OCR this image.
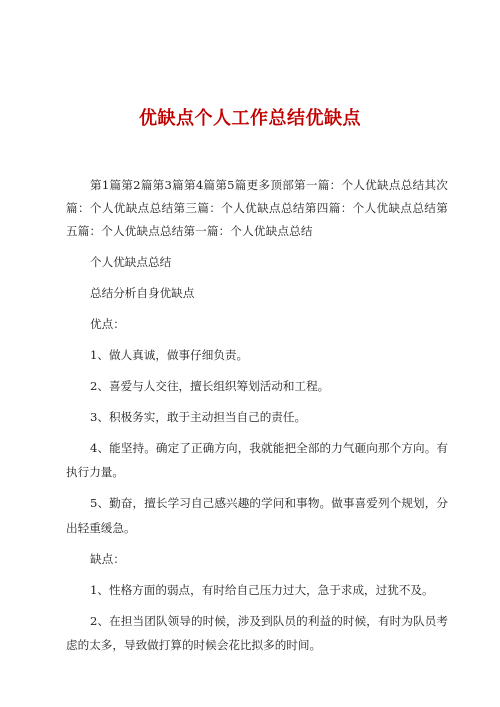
优缺点个人工作总结优缺点

第1篇第2篇第3篇第4篇第5篇更多顶部第一篇：个人优缺点总结其次篇：个人优缺点总结第三篇：个人优缺点总结第四篇：个人优缺点总结第五篇：个人优缺点总结第一篇：个人优缺点总结

个人优缺点总结

总结分析自身优缺点

优点：

1、做人真诚，做事仔细负责。

2、喜爱与人交往，擅长组织筹划活动和工程。

3、积极务实，敢于主动担当自己的责任。

4、能坚持。确定了正确方向，我就能把全部的力气砸向那个方向。有执行力量。

5、勤奋，擅长学习自己感兴趣的学问和事物。做事喜爱列个规划，分出轻重缓急。

缺点：

1、性格方面的弱点，有时给自己压力过大，急于求成，过犹不及。

2、在担当团队领导的时候，涉及到队员的利益的时候，有时为队员考虑的太多，导致做打算的时候会花比拟多的时间。
